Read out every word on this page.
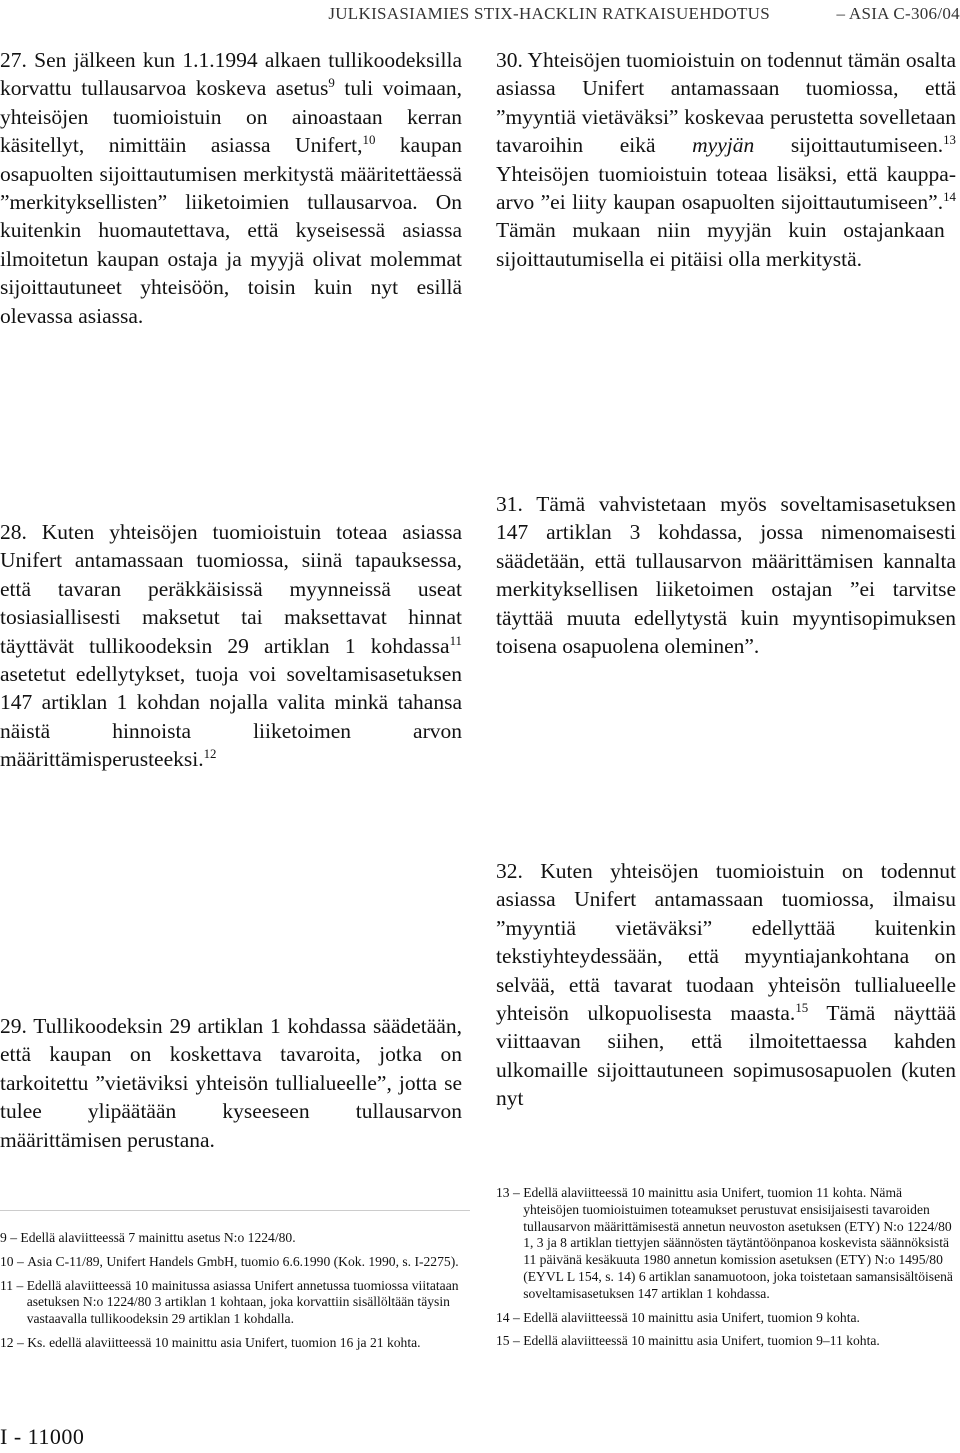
JULKISASIAMIES STIX-HACKLIN RATKAISUEHDOTUS	– ASIA C-306/04

27. Sen jälkeen kun 1.1.1994 alkaen tullikoodeksilla korvattu tullausarvoa koskeva asetus$^9$ tuli voimaan, yhteisöjen tuomioistuin on ainoastaan kerran käsitellyt, nimittäin asiassa Unifert,$^{10}$ kaupan osapuolten sijoittautumisen merkitystä määritettäessä ”merkityksellisten” liiketoimien tullausarvoa. On kuitenkin huomautettava, että kyseisessä asiassa ilmoitetun kaupan ostaja ja myyjä olivat molemmat sijoittautuneet yhteisöön, toisin kuin nyt esillä olevassa asiassa.

28. Kuten yhteisöjen tuomioistuin toteaa asiassa Unifert antamassaan tuomiossa, siinä tapauksessa, että tavaran peräkkäisissä myynneissä useat tosiasiallisesti maksetut tai maksettavat hinnat täyttävät tullikoodeksin 29 artiklan 1 kohdassa$^{11}$ asetetut edellytykset, tuoja voi soveltamisasetuksen 147 artiklan 1 kohdan nojalla valita minkä tahansa näistä hinnoista liiketoimen arvon määrittämisperusteeksi.$^{12}$

29. Tullikoodeksin 29 artiklan 1 kohdassa säädetään, että kaupan on koskettava tavaroita, jotka on tarkoitettu ”vietäviksi yhteisön tullialueelle”, jotta se tulee ylipäätään kyseeseen tullausarvon määrittämisen perustana.

30. Yhteisöjen tuomioistuin on todennut tämän osalta asiassa Unifert antamassaan tuomiossa, että ”myyntiä vietäväksi” koskevaa perustetta sovelletaan tavaroihin eikä myyjän sijoittautumiseen.$^{13}$ Yhteisöjen tuomioistuin toteaa lisäksi, että kauppa-arvo ”ei liity kaupan osapuolten sijoittautumiseen”.$^{14}$ Tämän mukaan niin myyjän kuin ostajankaan sijoittautumisella ei pitäisi olla merkitystä.

31. Tämä vahvistetaan myös soveltamisasetuksen 147 artiklan 3 kohdassa, jossa nimenomaisesti säädetään, että tullausarvon määrittämisen kannalta merkityksellisen liiketoimen ostajan ”ei tarvitse täyttää muuta edellytystä kuin myyntisopimuksen toisena osapuolena oleminen”.

32. Kuten yhteisöjen tuomioistuin on todennut asiassa Unifert antamassaan tuomiossa, ilmaisu ”myyntiä vietäväksi” edellyttää kuitenkin tekstiyhteydessään, että myyntiajankohtana on selvää, että tavarat tuodaan yhteisön tullialueelle yhteisön ulkopuolisesta maasta.$^{15}$ Tämä näyttää viittaavan siihen, että ilmoitettaessa kahden ulkomaille sijoittautuneen sopimusosapuolen (kuten nyt

9 – Edellä alaviitteessä 7 mainittu asetus N:o 1224/80.

10 – Asia C-11/89, Unifert Handels GmbH, tuomio 6.6.1990 (Kok. 1990, s. I-2275).

11 – Edellä alaviitteessä 10 mainitussa asiassa Unifert annetussa tuomiossa viitataan asetuksen N:o 1224/80 3 artiklan 1 kohtaan, joka korvattiin sisällöltään täysin vastaavalla tullikoodeksin 29 artiklan 1 kohdalla.

12 – Ks. edellä alaviitteessä 10 mainittu asia Unifert, tuomion 16 ja 21 kohta.

13 – Edellä alaviitteessä 10 mainittu asia Unifert, tuomion 11 kohta. Nämä yhteisöjen tuomioistuimen toteamukset perustuvat ensisijaisesti tavaroiden tullausarvon määrittämisestä annetun neuvoston asetuksen (ETY) N:o 1224/80 1, 3 ja 8 artiklan tiettyjen säännösten täytäntöönpanoa koskevista säännöksistä 11 päivänä kesäkuuta 1980 annetun komission asetuksen (ETY) N:o 1495/80 (EYVL L 154, s. 14) 6 artiklan sanamuotoon, joka toistetaan samansisältöisenä soveltamisasetuksen 147 artiklan 1 kohdassa.

14 – Edellä alaviitteessä 10 mainittu asia Unifert, tuomion 9 kohta.

15 – Edellä alaviitteessä 10 mainittu asia Unifert, tuomion 9–11 kohta.

I - 11000
